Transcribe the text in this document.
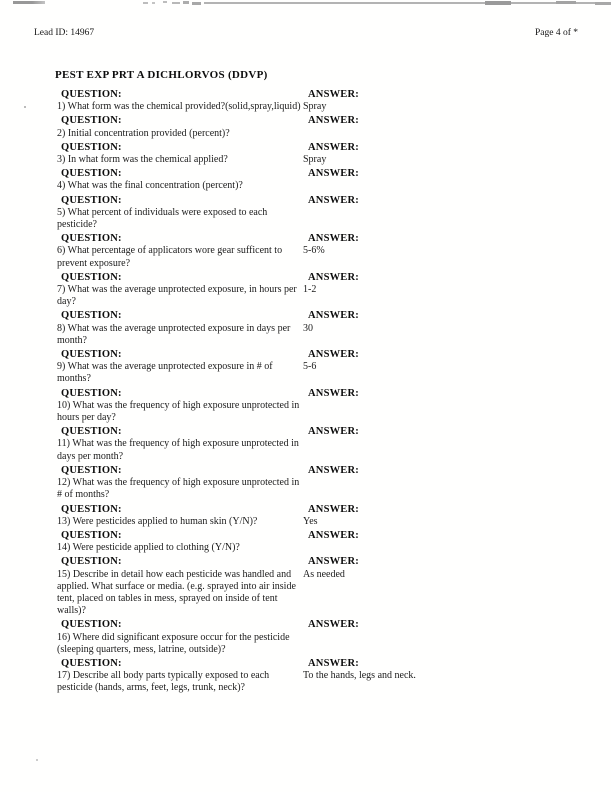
Lead ID: 14967	Page 4 of *
PEST EXP PRT A DICHLORVOS (DDVP)
QUESTION:
1) What form was the chemical provided?(solid,spray,liquid)
ANSWER:
Spray
QUESTION:
2) Initial concentration provided (percent)?
ANSWER:
QUESTION:
3) In what form was the chemical applied?
ANSWER:
Spray
QUESTION:
4) What was the final concentration (percent)?
ANSWER:
QUESTION:
5) What percent of individuals were exposed to each pesticide?
ANSWER:
QUESTION:
6) What percentage of applicators wore gear sufficent to prevent exposure?
ANSWER:
5-6%
QUESTION:
7) What was the average unprotected exposure, in hours per day?
ANSWER:
1-2
QUESTION:
8) What was the average unprotected exposure in days per month?
ANSWER:
30
QUESTION:
9) What was the average unprotected exposure in # of months?
ANSWER:
5-6
QUESTION:
10) What was the frequency of high exposure unprotected in hours per day?
ANSWER:
QUESTION:
11) What was the frequency of high exposure unprotected in days per month?
ANSWER:
QUESTION:
12) What was the frequency of high exposure unprotected in # of months?
ANSWER:
QUESTION:
13) Were pesticides applied to human skin (Y/N)?
ANSWER:
Yes
QUESTION:
14) Were pesticide applied to clothing (Y/N)?
ANSWER:
QUESTION:
15) Describe in detail how each pesticide was handled and applied. What surface or media. (e.g. sprayed into air inside tent, placed on tables in mess, sprayed on inside of tent walls)?
ANSWER:
As needed
QUESTION:
16) Where did significant exposure occur for the pesticide (sleeping quarters, mess, latrine, outside)?
ANSWER:
QUESTION:
17) Describe all body parts typically exposed to each pesticide (hands, arms, feet, legs, trunk, neck)?
ANSWER:
To the hands, legs and neck.
